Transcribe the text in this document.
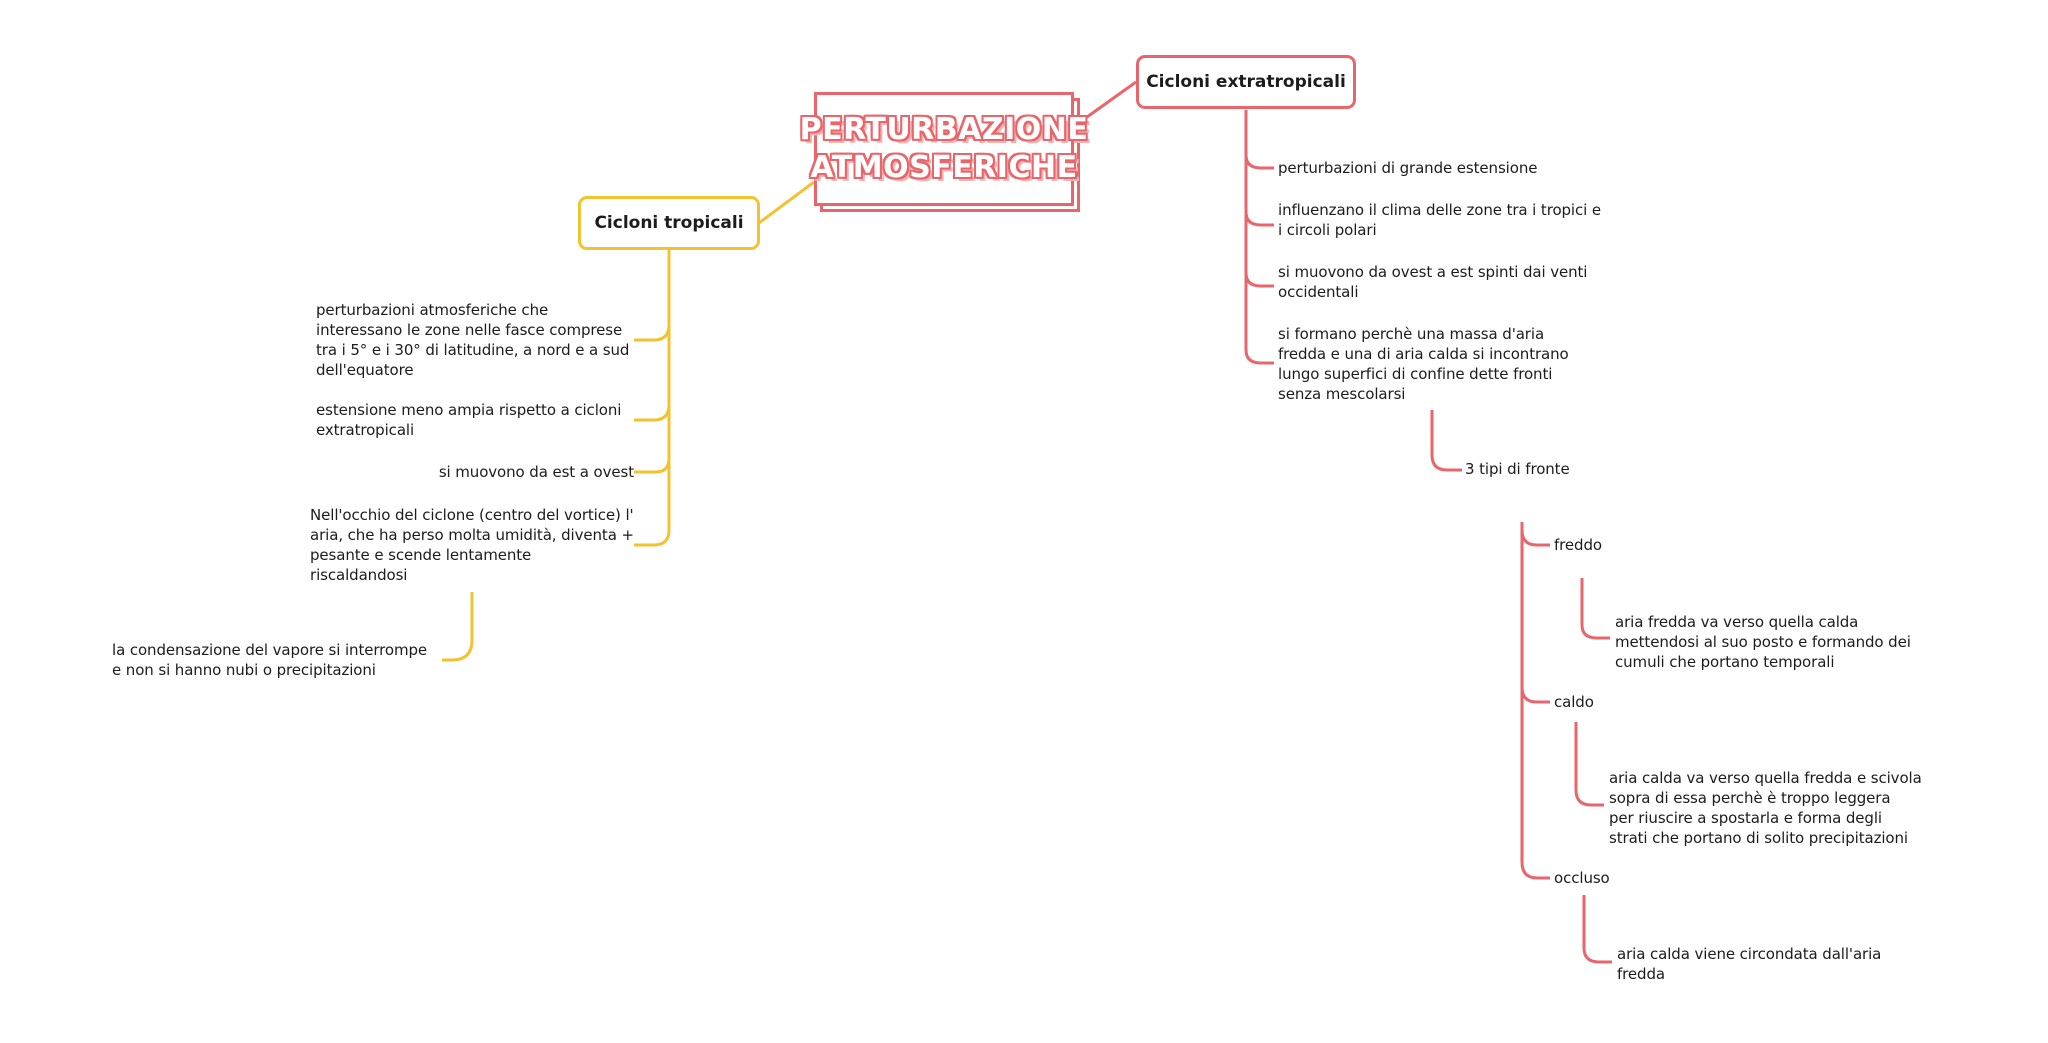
PERTURBAZIONE
ATMOSFERICHE
Cicloni tropicali
perturbazioni atmosferiche che
interessano le zone nelle fasce comprese
tra i 5° e i 30° di latitudine, a nord e a sud
dell'equatore
estensione meno ampia rispetto a cicloni
extratropicali
si muovono da est a ovest
Nell'occhio del ciclone (centro del vortice) l'
aria, che ha perso molta umidità, diventa +
pesante e scende lentamente
riscaldandosi
la condensazione del vapore si interrompe
e non si hanno nubi o precipitazioni
Cicloni extratropicali
perturbazioni di grande estensione
influenzano il clima delle zone tra i tropici e
i circoli polari
si muovono da ovest a est spinti dai venti
occidentali
si formano perchè una massa d'aria
fredda e una di aria calda si incontrano
lungo superfici di confine dette fronti
senza mescolarsi
3 tipi di fronte
freddo
aria fredda va verso quella calda
mettendosi al suo posto e formando dei
cumuli che portano temporali
caldo
aria calda va verso quella fredda e scivola
sopra di essa perchè è troppo leggera
per riuscire a spostarla e forma degli
strati che portano di solito precipitazioni
occluso
aria calda viene circondata dall'aria
fredda
